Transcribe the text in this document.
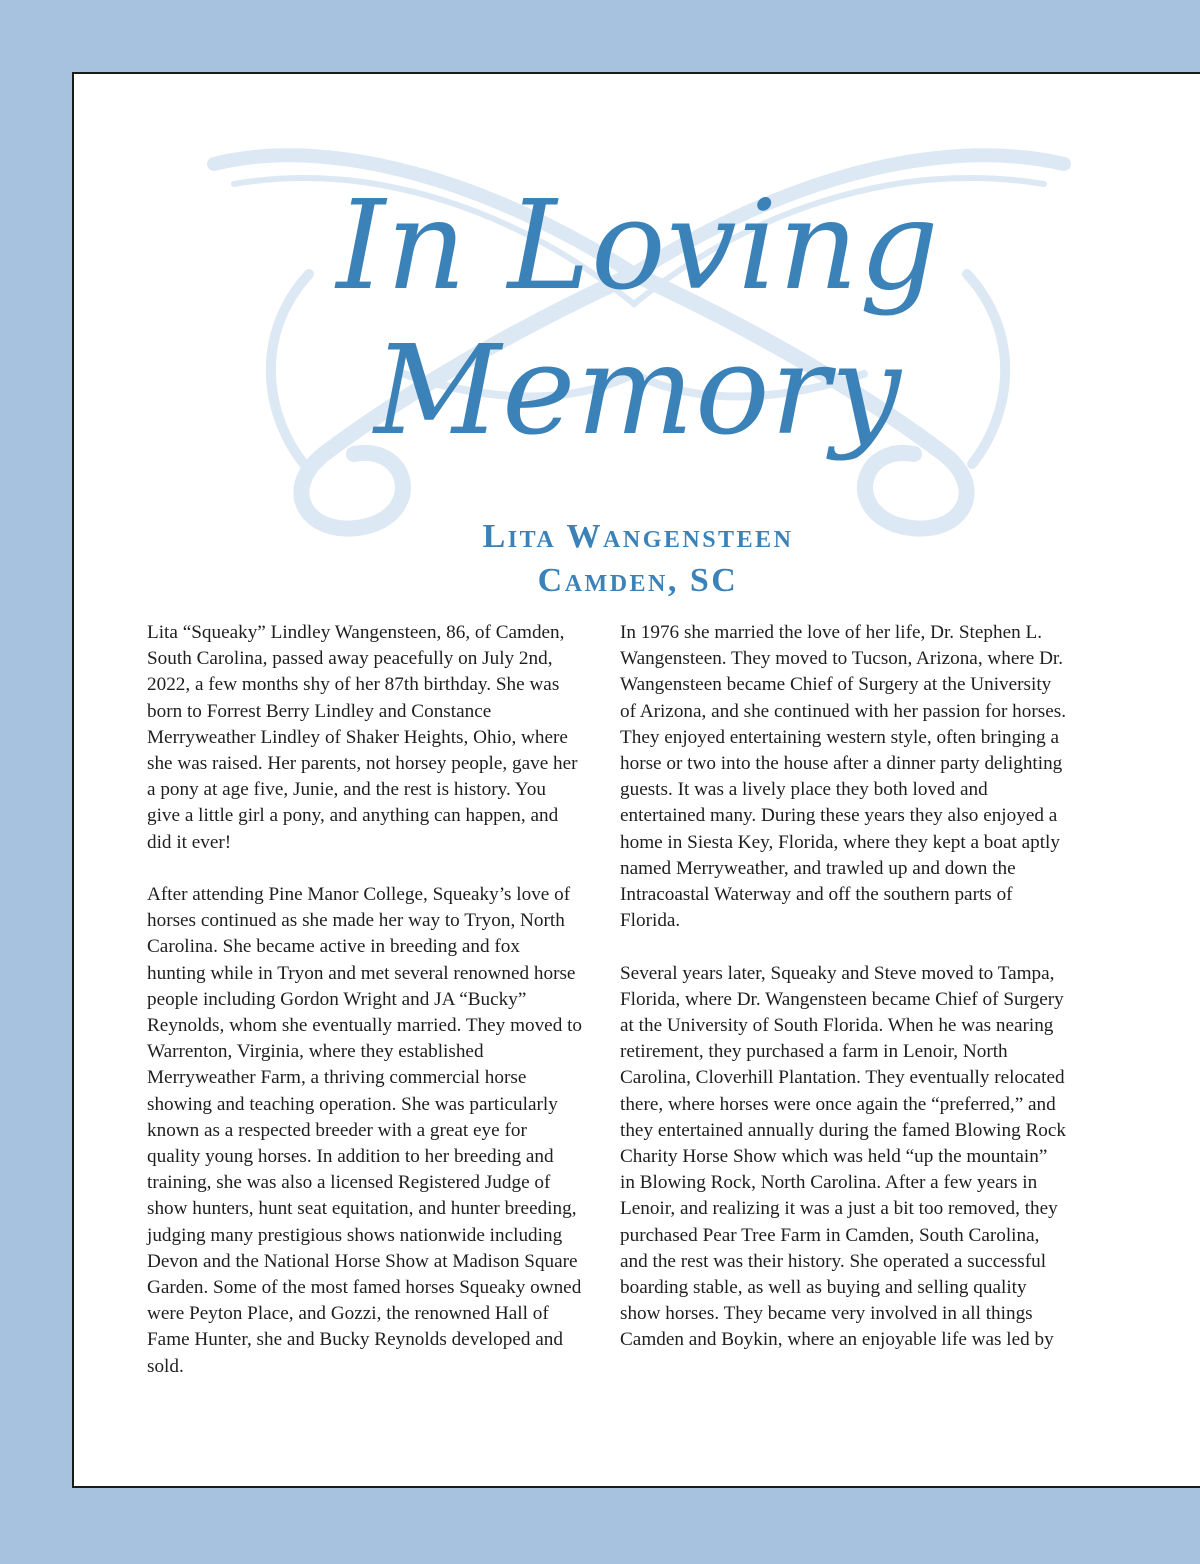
In Loving
Memory
Lita Wangensteen
Camden, SC

Lita “Squeaky” Lindley Wangensteen, 86, of Camden, South Carolina, passed away peacefully on July 2nd, 2022, a few months shy of her 87th birthday. She was born to Forrest Berry Lindley and Constance Merryweather Lindley of Shaker Heights, Ohio, where she was raised. Her parents, not horsey people, gave her a pony at age five, Junie, and the rest is history. You give a little girl a pony, and anything can happen, and did it ever!

After attending Pine Manor College, Squeaky’s love of horses continued as she made her way to Tryon, North Carolina. She became active in breeding and fox hunting while in Tryon and met several renowned horse people including Gordon Wright and JA “Bucky” Reynolds, whom she eventually married. They moved to Warrenton, Virginia, where they established Merryweather Farm, a thriving commercial horse showing and teaching operation. She was particularly known as a respected breeder with a great eye for quality young horses. In addition to her breeding and training, she was also a licensed Registered Judge of show hunters, hunt seat equitation, and hunter breeding, judging many prestigious shows nationwide including Devon and the National Horse Show at Madison Square Garden. Some of the most famed horses Squeaky owned were Peyton Place, and Gozzi, the renowned Hall of Fame Hunter, she and Bucky Reynolds developed and sold.

In 1976 she married the love of her life, Dr. Stephen L. Wangensteen. They moved to Tucson, Arizona, where Dr. Wangensteen became Chief of Surgery at the University of Arizona, and she continued with her passion for horses. They enjoyed entertaining western style, often bringing a horse or two into the house after a dinner party delighting guests. It was a lively place they both loved and entertained many. During these years they also enjoyed a home in Siesta Key, Florida, where they kept a boat aptly named Merryweather, and trawled up and down the Intracoastal Waterway and off the southern parts of Florida.

Several years later, Squeaky and Steve moved to Tampa, Florida, where Dr. Wangensteen became Chief of Surgery at the University of South Florida. When he was nearing retirement, they purchased a farm in Lenoir, North Carolina, Cloverhill Plantation. They eventually relocated there, where horses were once again the “preferred,” and they entertained annually during the famed Blowing Rock Charity Horse Show which was held “up the mountain” in Blowing Rock, North Carolina. After a few years in Lenoir, and realizing it was a just a bit too removed, they purchased Pear Tree Farm in Camden, South Carolina, and the rest was their history. She operated a successful boarding stable, as well as buying and selling quality show horses. They became very involved in all things Camden and Boykin, where an enjoyable life was led by
